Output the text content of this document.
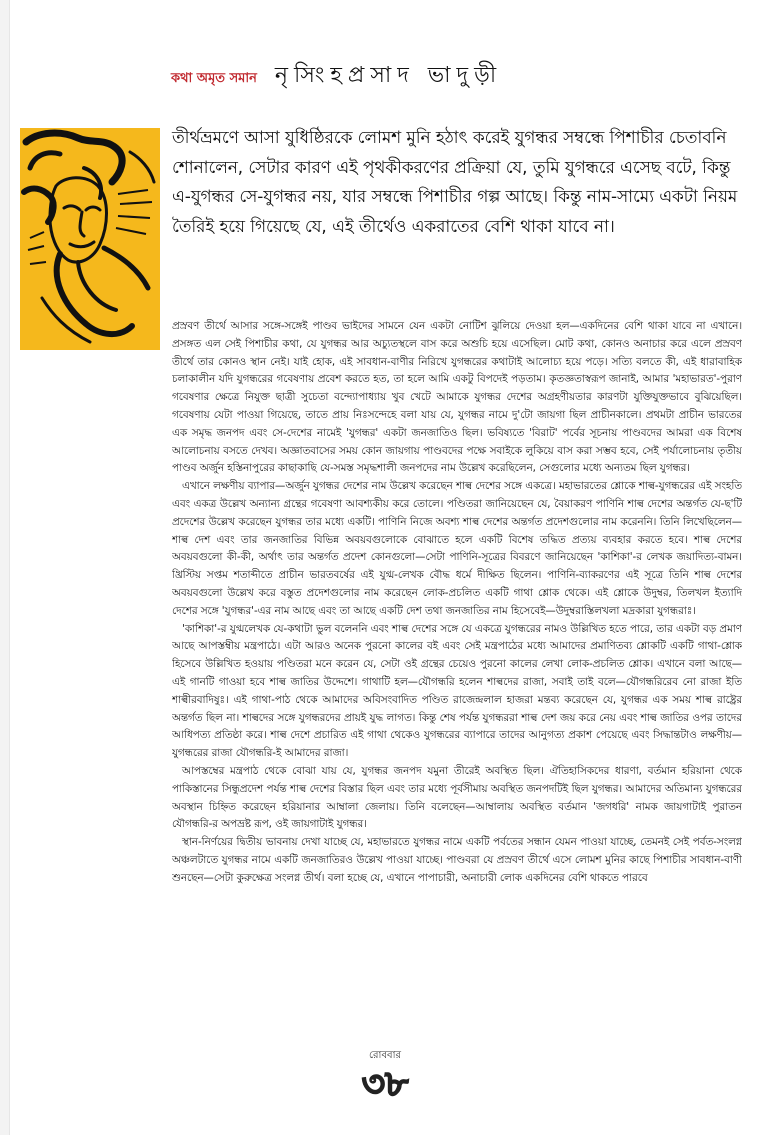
কথা অমৃত সমান নৃসিংহপ্রসাদ ভাদুড়ী

তীর্থভ্রমণে আসা যুধিষ্ঠিরকে লোমশ মুনি হঠাৎ করেই যুগন্ধর সম্বন্ধে পিশাচীর চেতাবনি শোনালেন, সেটার কারণ এই পৃথকীকরণের প্রক্রিয়া যে, তুমি যুগন্ধরে এসেছ বটে, কিন্তু এ-যুগন্ধর সে-যুগন্ধর নয়, যার সম্বন্ধে পিশাচীর গল্প আছে। কিন্তু নাম-সাম্যে একটা নিয়ম তৈরিই হয়ে গিয়েছে যে, এই তীর্থেও একরাতের বেশি থাকা যাবে না।

প্রস্রবণ তীর্থে আসার সঙ্গে-সঙ্গেই পাণ্ডব ভাইদের সামনে যেন একটা নোটিশ ঝুলিয়ে দেওয়া হল—একদিনের বেশি থাকা যাবে না এখানে। প্রসঙ্গত এল সেই পিশাচীর কথা, যে যুগন্ধর আর অচ্যুতস্থলে বাস করে অশুচি হয়ে এসেছিল। মোট কথা, কোনও অনাচার করে এলে প্রস্রবণ তীর্থে তার কোনও স্থান নেই। যাই হোক, এই সাবধান-বাণীর নিরিখে যুগন্ধরের কথাটাই আলোচ্য হয়ে পড়ে। সত্যি বলতে কী, এই ধারাবাহিক চলাকালীন যদি যুগন্ধরের গবেষণায় প্রবেশ করতে হত, তা হলে আমি একটু বিপদেই পড়তাম। কৃতজ্ঞতাস্বরূপ জানাই, আমার 'মহাভারত'-পুরাণ গবেষণার ক্ষেত্রে নিযুক্ত ছাত্রী সুচেতা বন্দ্যোপাধ্যায় খুব খেটে আমাকে যুগন্ধর দেশের অগ্রহণীয়তার কারণটা যুক্তিযুক্তভাবে বুঝিয়েছিল। গবেষণায় যেটা পাওয়া গিয়েছে, তাতে প্রায় নিঃসন্দেহে বলা যায় যে, যুগন্ধর নামে দু'টো জায়গা ছিল প্রাচীনকালে। প্রথমটা প্রাচীন ভারতের এক সমৃদ্ধ জনপদ এবং সে-দেশের নামেই 'যুগন্ধর' একটা জনজাতিও ছিল। ভবিষ্যতে 'বিরাট' পর্বের সূচনায় পাণ্ডবদের আমরা এক বিশেষ আলোচনায় বসতে দেখব। অজ্ঞাতবাসের সময় কোন জায়গায় পাণ্ডবদের পক্ষে সবাইকে লুকিয়ে বাস করা সম্ভব হবে, সেই পর্যালোচনায় তৃতীয় পাণ্ডব অর্জুন হস্তিনাপুরের কাছাকাছি যে-সমস্ত সমৃদ্ধশালী জনপদের নাম উল্লেখ করেছিলেন, সেগুলোর মধ্যে অন্যতম ছিল যুগন্ধর।

এখানে লক্ষণীয় ব্যাপার—অর্জুন যুগন্ধর দেশের নাম উল্লেখ করেছেন শাল্ব দেশের সঙ্গে একত্রে। মহাভারতের শ্লোকে শাল্ব-যুগন্ধরের এই সংহতি এবং একত্র উল্লেখ অন্যান্য গ্রন্থের গবেষণা আবশ্যকীয় করে তোলে। পণ্ডিতরা জানিয়েছেন যে, বৈয়াকরণ পাণিনি শাল্ব দেশের অন্তর্গত যে-ছ'টি প্রদেশের উল্লেখ করেছেন যুগন্ধর তার মধ্যে একটি। পাণিনি নিজে অবশ্য শাল্ব দেশের অন্তর্গত প্রদেশগুলোর নাম করেননি। তিনি লিখেছিলেন—শাল্ব দেশ এবং তার জনজাতির বিভিন্ন অবয়বগুলোকে বোঝাতে হলে একটি বিশেষ তদ্ধিত প্রত্যয় ব্যবহার করতে হবে। শাল্ব দেশের অবয়বগুলো কী-কী, অর্থাৎ তার অন্তর্গত প্রদেশ কোনগুলো—সেটা পাণিনি-সূত্রের বিবরণে জানিয়েছেন 'কাশিকা'-র লেখক জয়াদিত্য-বামন। খ্রিস্টিয় সপ্তম শতাব্দীতে প্রাচীন ভারতবর্ষের এই যুগ্ম-লেখক বৌদ্ধ ধর্মে দীক্ষিত ছিলেন। পাণিনি-ব্যাকরণের এই সূত্রে তিনি শাল্ব দেশের অবয়বগুলো উল্লেখ করে বস্তুত প্রদেশগুলোর নাম করেছেন লোক-প্রচলিত একটি গাথা শ্লোক থেকে। এই শ্লোকে উদুম্বর, তিলখল ইত্যাদি দেশের সঙ্গে 'যুগন্ধর'-এর নাম আছে এবং তা আছে একটি দেশ তথা জনজাতির নাম হিসেবেই—উদুম্বরাস্তিলখলা মদ্রকারা যুগন্ধরাঃ।

'কাশিকা'-র যুগ্মলেখক যে-কথাটা ভুল বলেননি এবং শাল্ব দেশের সঙ্গে যে একত্রে যুগন্ধরের নামও উল্লিখিত হতে পারে, তার একটা বড় প্রমাণ আছে আপস্তম্বীয় মন্ত্রপাঠে। এটা আরও অনেক পুরনো কালের বই এবং সেই মন্ত্রপাঠের মধ্যে আমাদের প্রমাণিতব্য শ্লোকটি একটি গাথা-শ্লোক হিসেবে উল্লিখিত হওয়ায় পণ্ডিতরা মনে করেন যে, সেটা ওই গ্রন্থের চেয়েও পুরনো কালের লেখা লোক-প্রচলিত শ্লোক। এখানে বলা আছে—এই গানটি গাওয়া হবে শাল্ব জাতির উদ্দেশে। গাথাটি হল—যৌগন্ধরি হলেন শাল্বদের রাজা, সবাই তাই বলে—যৌগন্ধরিরেব নো রাজা ইতি শাল্বীরবাদিষুঃ। এই গাথা-পাঠ থেকে আমাদের অবিসংবাদিত পণ্ডিত রাজেন্দ্রলাল হাজরা মন্তব্য করেছেন যে, যুগন্ধর এক সময় শাল্ব রাষ্ট্রের অন্তর্গত ছিল না। শাল্বদের সঙ্গে যুগন্ধরদের প্রায়ই যুদ্ধ লাগত। কিন্তু শেষ পর্যন্ত যুগন্ধররা শাল্ব দেশ জয় করে নেয় এবং শাল্ব জাতির ওপর তাদের আধিপত্য প্রতিষ্ঠা করে। শাল্ব দেশে প্রচারিত এই গাথা থেকেও যুগন্ধরের ব্যাপারে তাদের আনুগত্য প্রকাশ পেয়েছে এবং সিদ্ধান্তটাও লক্ষণীয়—যুগন্ধরের রাজা যৌগন্ধরি-ই আমাদের রাজা।

আপস্তম্বের মন্ত্রপাঠ থেকে বোঝা যায় যে, যুগন্ধর জনপদ যমুনা তীরেই অবস্থিত ছিল। ঐতিহাসিকদের ধারণা, বর্তমান হরিয়ানা থেকে পাকিস্তানের সিন্ধুপ্রদেশ পর্যন্ত শাল্ব দেশের বিস্তার ছিল এবং তার মধ্যে পূর্বসীমায় অবস্থিত জনপদটিই ছিল যুগন্ধর। আমাদের অতিমান্য যুগন্ধরের অবস্থান চিহ্নিত করেছেন হরিয়ানার আম্বালা জেলায়। তিনি বলেছেন—আম্বালায় অবস্থিত বর্তমান 'জগধরি' নামক জায়গাটাই পুরাতন যৌগন্ধরি-র অপভ্রষ্ট রূপ, ওই জায়গাটাই যুগন্ধর।

স্থান-নির্ণয়ের দ্বিতীয় ভাবনায় দেখা যাচ্ছে যে, মহাভারতে যুগন্ধর নামে একটি পর্বতের সন্ধান যেমন পাওয়া যাচ্ছে, তেমনই সেই পর্বত-সংলগ্ন অঞ্চলটাতে যুগন্ধর নামে একটি জনজাতিরও উল্লেখ পাওয়া যাচ্ছে। পাণ্ডবরা যে প্রস্রবণ তীর্থে এসে লোমশ মুনির কাছে পিশাচীর সাবধান-বাণী শুনছেন—সেটা কুরুক্ষেত্র সংলগ্ন তীর্থ। বলা হচ্ছে যে, এখানে পাপাচারী, অনাচারী লোক একদিনের বেশি থাকতে পারবে

রোববার
৩৮
